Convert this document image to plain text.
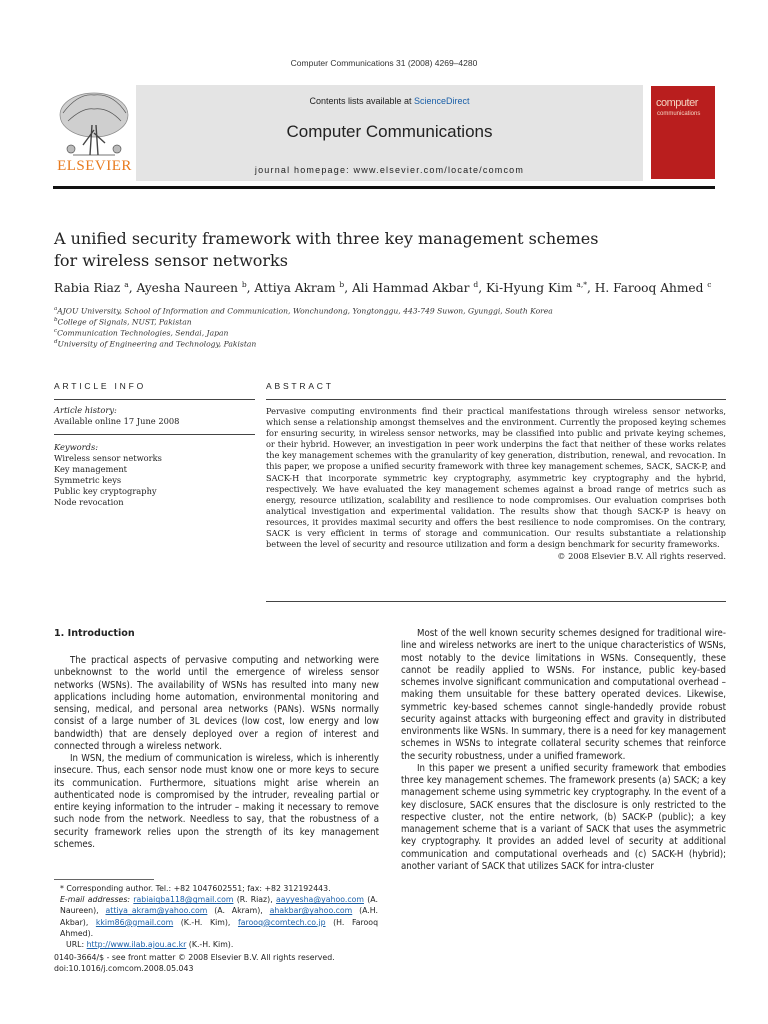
Computer Communications 31 (2008) 4269–4280
ELSEVIER
Contents lists available at ScienceDirect
Computer Communications
journal homepage: www.elsevier.com/locate/comcom
computer
communications
A unified security framework with three key management schemes
for wireless sensor networks
Rabia Riaz $^a$, Ayesha Naureen $^b$, Attiya Akram $^b$, Ali Hammad Akbar $^d$, Ki-Hyung Kim $^{a,*}$, H. Farooq Ahmed $^c$
$^a$AJOU University, School of Information and Communication, Wonchundong, Yongtonggu, 443-749 Suwon, Gyunggi, South Korea
$^b$College of Signals, NUST, Pakistan
$^c$Communication Technologies, Sendai, Japan
$^d$University of Engineering and Technology, Pakistan
ARTICLE INFO
Article history:
Available online 17 June 2008
Keywords:
Wireless sensor networks
Key management
Symmetric keys
Public key cryptography
Node revocation
ABSTRACT
Pervasive computing environments find their practical manifestations through wireless sensor networks, which sense a relationship amongst themselves and the environment. Currently the proposed keying schemes for ensuring security, in wireless sensor networks, may be classified into public and private keying schemes, or their hybrid. However, an investigation in peer work underpins the fact that neither of these works relates the key management schemes with the granularity of key generation, distribution, renewal, and revocation. In this paper, we propose a unified security framework with three key management schemes, SACK, SACK-P, and SACK-H that incorporate symmetric key cryptography, asymmetric key cryptography and the hybrid, respectively. We have evaluated the key management schemes against a broad range of metrics such as energy, resource utilization, scalability and resilience to node compromises. Our evaluation comprises both analytical investigation and experimental validation. The results show that though SACK-P is heavy on resources, it provides maximal security and offers the best resilience to node compromises. On the contrary, SACK is very efficient in terms of storage and communication. Our results substantiate a relationship between the level of security and resource utilization and form a design benchmark for security frameworks.
© 2008 Elsevier B.V. All rights reserved.
1. Introduction

The practical aspects of pervasive computing and networking were unbeknownst to the world until the emergence of wireless sensor networks (WSNs). The availability of WSNs has resulted into many new applications including home automation, environmental monitoring and sensing, medical, and personal area networks (PANs). WSNs normally consist of a large number of 3L devices (low cost, low energy and low bandwidth) that are densely deployed over a region of interest and connected through a wireless network.

In WSN, the medium of communication is wireless, which is inherently insecure. Thus, each sensor node must know one or more keys to secure its communication. Furthermore, situations might arise wherein an authenticated node is compromised by the intruder, revealing partial or entire keying information to the intruder – making it necessary to remove such node from the network. Needless to say, that the robustness of a security framework relies upon the strength of its key management schemes.

Most of the well known security schemes designed for traditional wire-line and wireless networks are inert to the unique characteristics of WSNs, most notably to the device limitations in WSNs. Consequently, these cannot be readily applied to WSNs. For instance, public key-based schemes involve significant communication and computational overhead – making them unsuitable for these battery operated devices. Likewise, symmetric key-based schemes cannot single-handedly provide robust security against attacks with burgeoning effect and gravity in distributed environments like WSNs. In summary, there is a need for key management schemes in WSNs to integrate collateral security schemes that reinforce the security robustness, under a unified framework.

In this paper we present a unified security framework that embodies three key management schemes. The framework presents (a) SACK; a key management scheme using symmetric key cryptography. In the event of a key disclosure, SACK ensures that the disclosure is only restricted to the respective cluster, not the entire network, (b) SACK-P (public); a key management scheme that is a variant of SACK that uses the asymmetric key cryptography. It provides an added level of security at additional communication and computational overheads and (c) SACK-H (hybrid); another variant of SACK that utilizes SACK for intra-cluster

* Corresponding author. Tel.: +82 1047602551; fax: +82 312192443.
E-mail addresses: rabiaiqba118@gmail.com (R. Riaz), aayyesha@yahoo.com (A. Naureen), attiya_akram@yahoo.com (A. Akram), ahakbar@yahoo.com (A.H. Akbar), kkim86@gmail.com (K.-H. Kim), farooq@comtech.co.jp (H. Farooq Ahmed).
URL: http://www.ilab.ajou.ac.kr (K.-H. Kim).
0140-3664/$ - see front matter © 2008 Elsevier B.V. All rights reserved.
doi:10.1016/j.comcom.2008.05.043
